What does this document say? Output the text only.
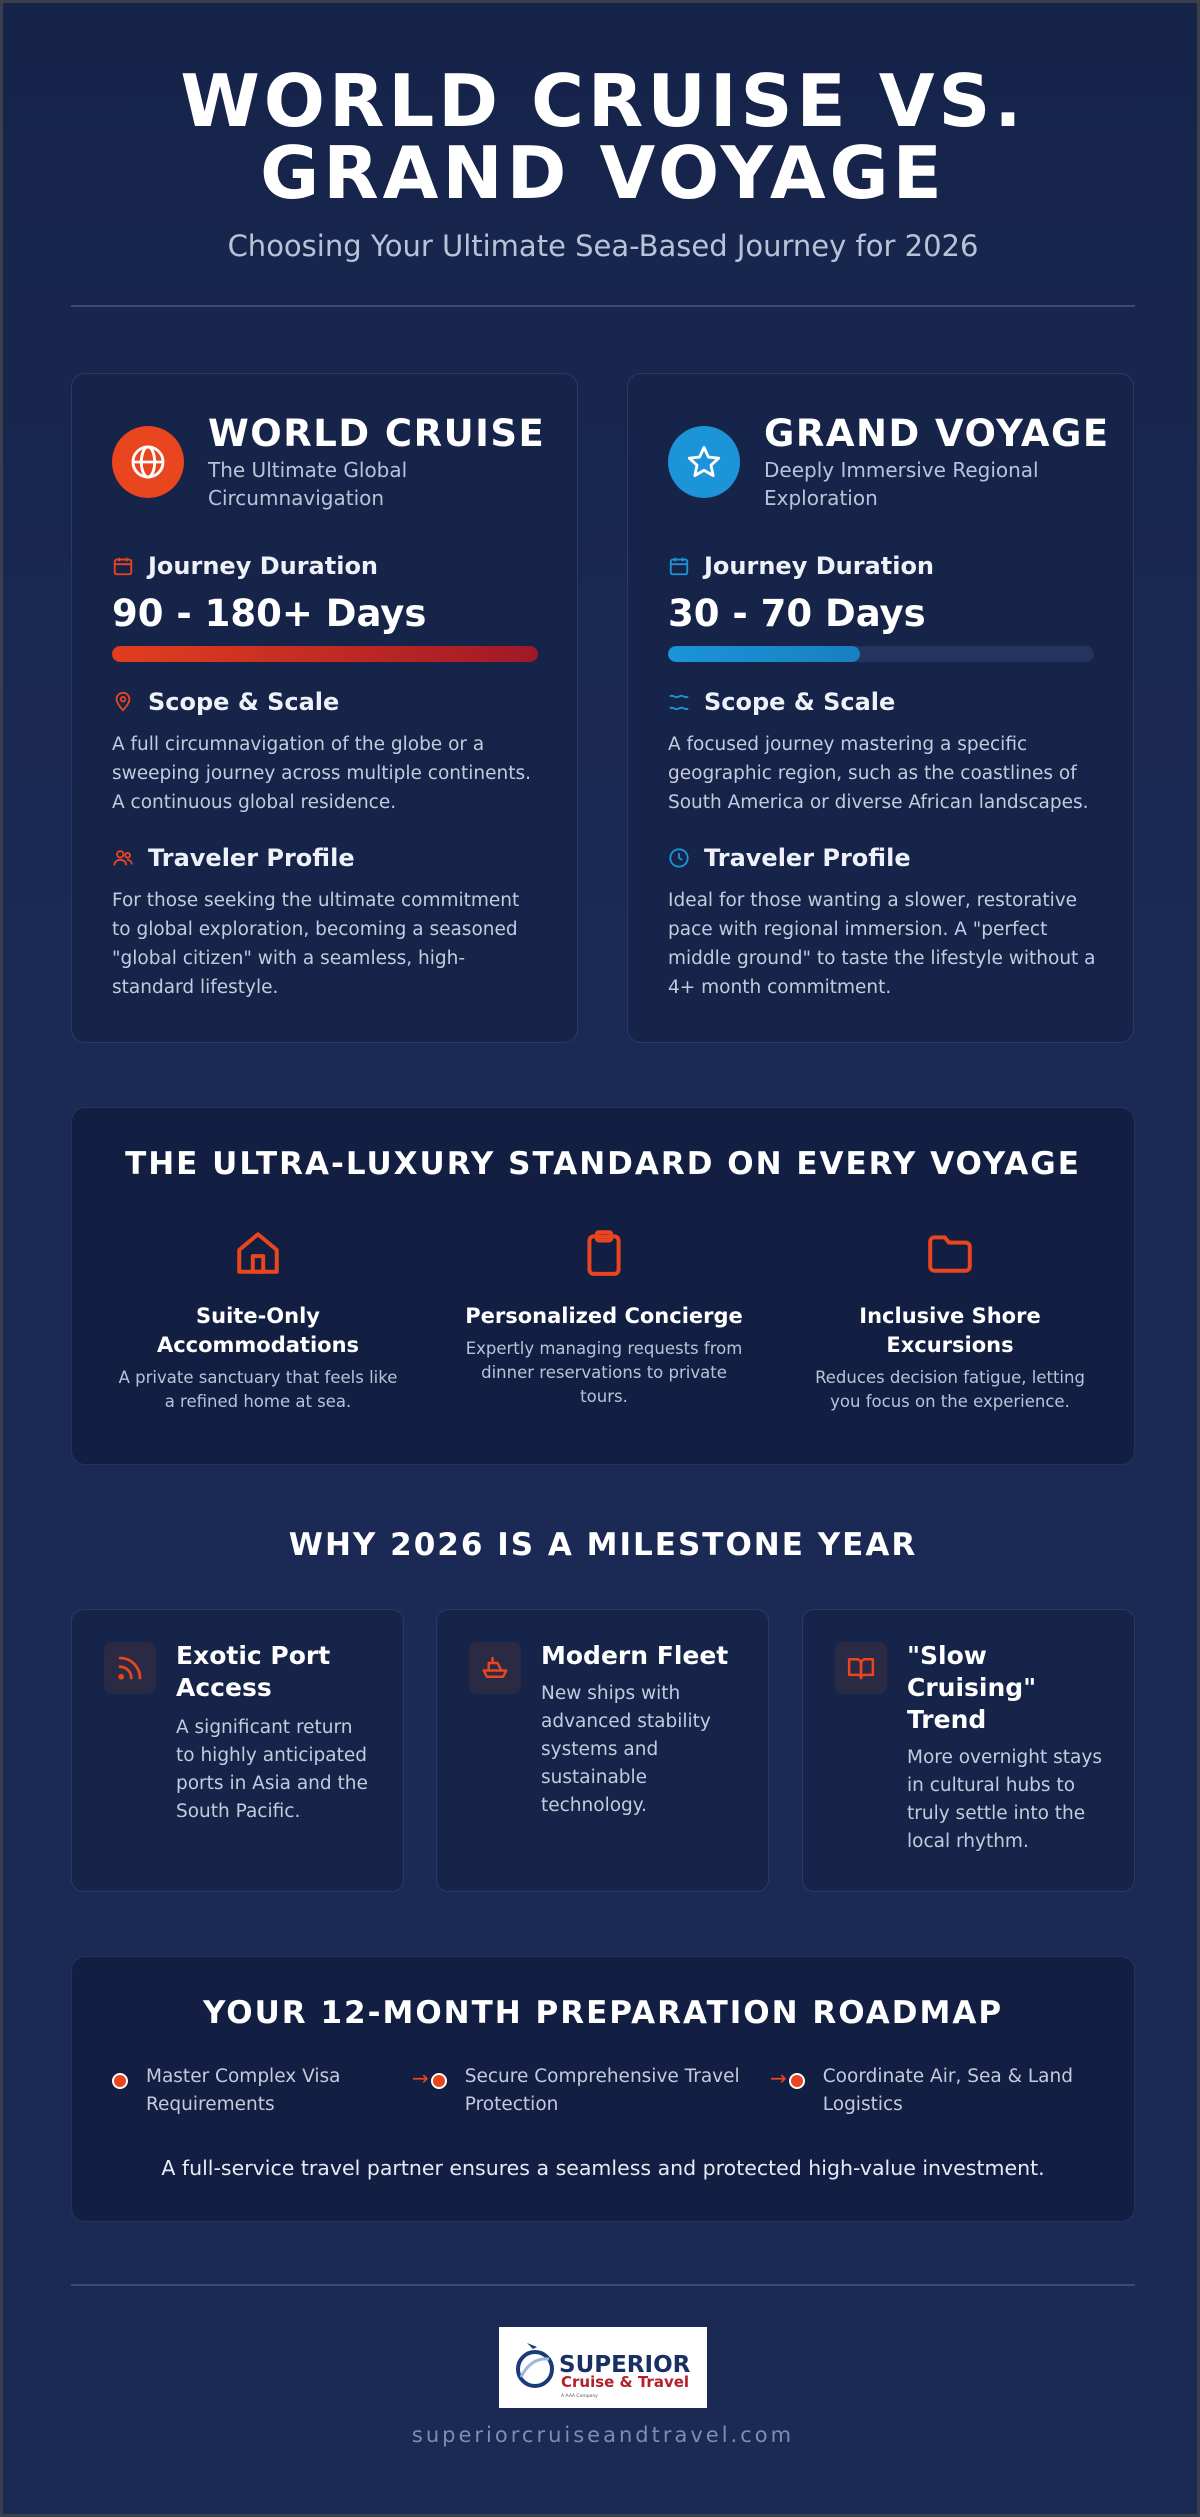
WORLD CRUISE VS.
GRAND VOYAGE
Choosing Your Ultimate Sea-Based Journey for 2026
WORLD CRUISE
The Ultimate Global Circumnavigation
Journey Duration
90 - 180+ Days
Scope & Scale
A full circumnavigation of the globe or a sweeping journey across multiple continents. A continuous global residence.
Traveler Profile
For those seeking the ultimate commitment to global exploration, becoming a seasoned "global citizen" with a seamless, high-standard lifestyle.
GRAND VOYAGE
Deeply Immersive Regional Exploration
Journey Duration
30 - 70 Days
Scope & Scale
A focused journey mastering a specific geographic region, such as the coastlines of South America or diverse African landscapes.
Traveler Profile
Ideal for those wanting a slower, restorative pace with regional immersion. A "perfect middle ground" to taste the lifestyle without a 4+ month commitment.
THE ULTRA-LUXURY STANDARD ON EVERY VOYAGE
Suite-Only Accommodations
A private sanctuary that feels like a refined home at sea.
Personalized Concierge
Expertly managing requests from dinner reservations to private tours.
Inclusive Shore Excursions
Reduces decision fatigue, letting you focus on the experience.
WHY 2026 IS A MILESTONE YEAR
Exotic Port Access
A significant return to highly anticipated ports in Asia and the South Pacific.
Modern Fleet
New ships with advanced stability systems and sustainable technology.
"Slow Cruising" Trend
More overnight stays in cultural hubs to truly settle into the local rhythm.
YOUR 12-MONTH PREPARATION ROADMAP
Master Complex Visa Requirements
→ Secure Comprehensive Travel Protection
→ Coordinate Air, Sea & Land Logistics
A full-service travel partner ensures a seamless and protected high-value investment.
SUPERIOR
Cruise & Travel
A AAA Company
superiorcruiseandtravel.com
